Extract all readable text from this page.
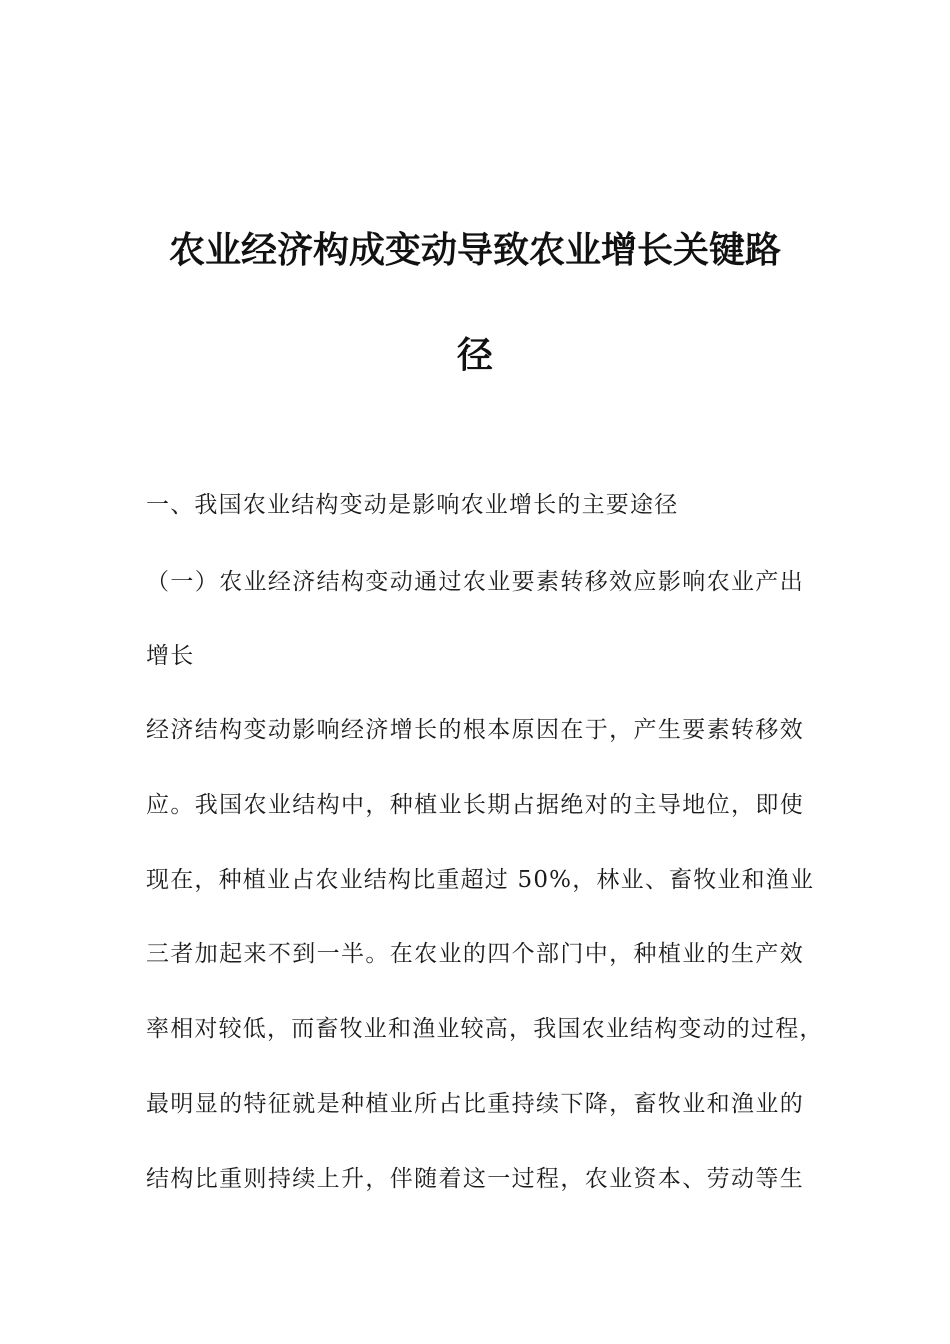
农业经济构成变动导致农业增长关键路
径
一、我国农业结构变动是影响农业增长的主要途径
（一）农业经济结构变动通过农业要素转移效应影响农业产出
增长
经济结构变动影响经济增长的根本原因在于，产生要素转移效
应。我国农业结构中，种植业长期占据绝对的主导地位，即使
现在，种植业占农业结构比重超过 50%，林业、畜牧业和渔业
三者加起来不到一半。在农业的四个部门中，种植业的生产效
率相对较低，而畜牧业和渔业较高，我国农业结构变动的过程，
最明显的特征就是种植业所占比重持续下降，畜牧业和渔业的
结构比重则持续上升，伴随着这一过程，农业资本、劳动等生
